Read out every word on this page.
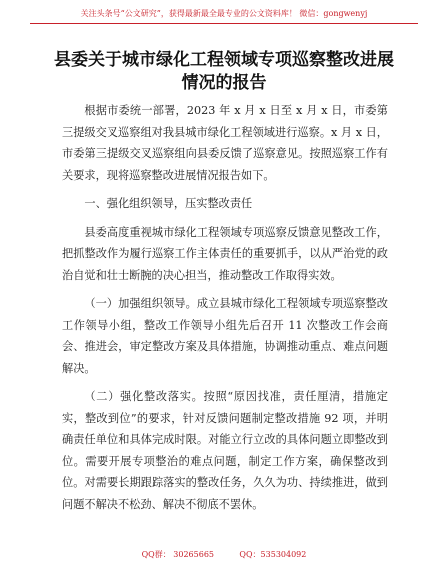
关注头条号“公文研究”，获得最新最全最专业的公文资料库！ 微信：gongwenyj
县委关于城市绿化工程领域专项巡察整改进展
情况的报告

根据市委统一部署，2023 年 x 月 x 日至 x 月 x 日，市委第三提级交叉巡察组对我县城市绿化工程领域进行巡察。x 月 x 日，市委第三提级交叉巡察组向县委反馈了巡察意见。按照巡察工作有关要求，现将巡察整改进展情况报告如下。

一、强化组织领导，压实整改责任

县委高度重视城市绿化工程领域专项巡察反馈意见整改工作，把抓整改作为履行巡察工作主体责任的重要抓手，以从严治党的政治自觉和壮士断腕的决心担当，推动整改工作取得实效。

（一）加强组织领导。成立县城市绿化工程领域专项巡察整改工作领导小组，整改工作领导小组先后召开 11 次整改工作会商会、推进会，审定整改方案及具体措施，协调推动重点、难点问题解决。

（二）强化整改落实。按照“原因找准，责任厘清，措施定实，整改到位”的要求，针对反馈问题制定整改措施 92 项，并明确责任单位和具体完成时限。对能立行立改的具体问题立即整改到位。需要开展专项整治的难点问题，制定工作方案，确保整改到位。对需要长期跟踪落实的整改任务，久久为功、持续推进，做到问题不解决不松劲、解决不彻底不罢休。

QQ群： 30265665          QQ：535304092
